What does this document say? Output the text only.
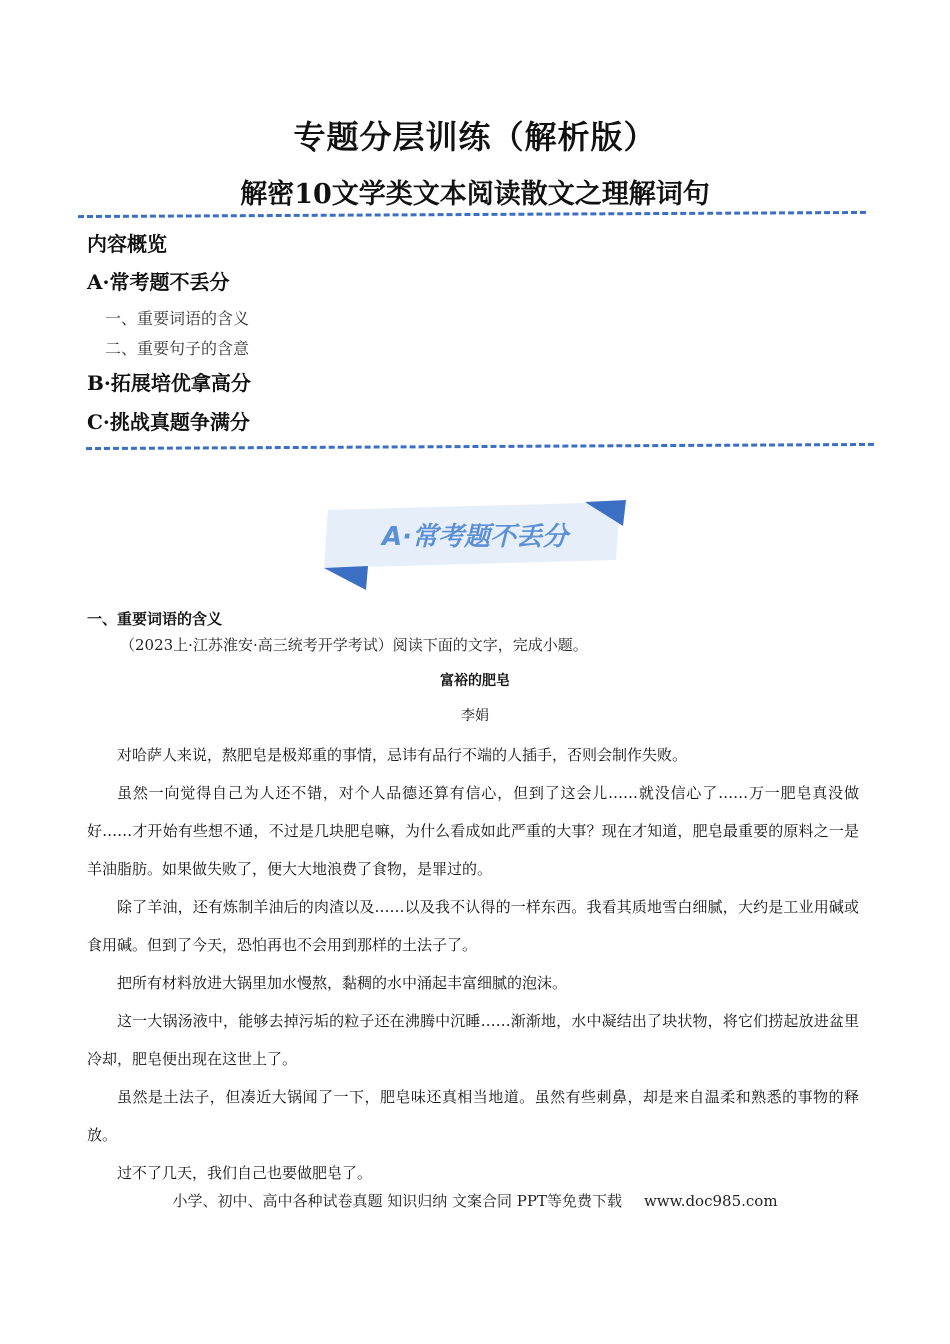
专题分层训练（解析版）
解密10文学类文本阅读散文之理解词句
内容概览
A·常考题不丢分
一、重要词语的含义
二、重要句子的含意
B·拓展培优拿高分
C·挑战真题争满分
A·常考题不丢分
一、重要词语的含义
（2023上·江苏淮安·高三统考开学考试）阅读下面的文字，完成小题。
富裕的肥皂
李娟

对哈萨人来说，熬肥皂是极郑重的事情，忌讳有品行不端的人插手，否则会制作失败。

虽然一向觉得自己为人还不错，对个人品德还算有信心，但到了这会儿……就没信心了……万一肥皂真没做好……才开始有些想不通，不过是几块肥皂嘛，为什么看成如此严重的大事？现在才知道，肥皂最重要的原料之一是羊油脂肪。如果做失败了，便大大地浪费了食物，是罪过的。

除了羊油，还有炼制羊油后的肉渣以及……以及我不认得的一样东西。我看其质地雪白细腻，大约是工业用碱或食用碱。但到了今天，恐怕再也不会用到那样的土法子了。

把所有材料放进大锅里加水慢熬，黏稠的水中涌起丰富细腻的泡沫。

这一大锅汤液中，能够去掉污垢的粒子还在沸腾中沉睡……渐渐地，水中凝结出了块状物，将它们捞起放进盆里冷却，肥皂便出现在这世上了。

虽然是土法子，但凑近大锅闻了一下，肥皂味还真相当地道。虽然有些刺鼻，却是来自温柔和熟悉的事物的释放。

过不了几天，我们自己也要做肥皂了。

小学、初中、高中各种试卷真题 知识归纳 文案合同 PPT等免费下载 www.doc985.com
